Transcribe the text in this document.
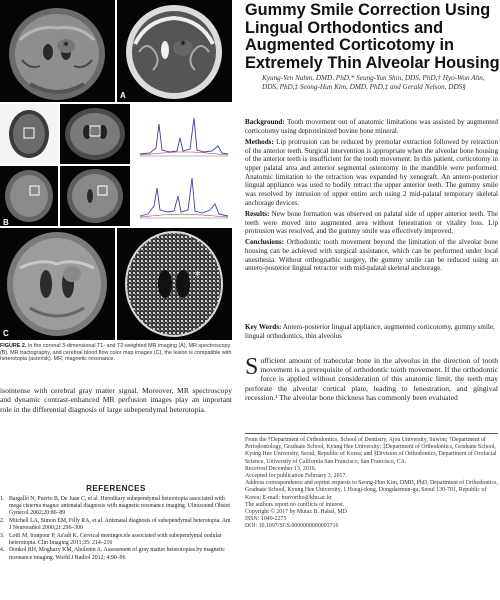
*	*
A
B
C
*
FIGURE 2. In the coronal 3-dimensional T1- and T2-weighted MR imaging (A), MR spectroscopy (B), MR tractography, and cerebral blood flow color map images (C), the lesion is compatible with heterotopia (asterisk). MR, magnetic resonance.

isointense with cerebral gray matter signal. Moreover, MR spectroscopy and dynamic contrast-enhanced MR perfusion images play an important role in the differential diagnosis of large subependymal heterotopia.

REFERENCES
1. Bargalló N, Puerto B, De Juan C, et al. Hereditary subependymal heterotopia associated with mega cisterna magna: antenatal diagnosis with magnetic resonance imaging. Ultrasound Obstet Gynecol 2002;20:86–89
2. Mitchell LA, Simon EM, Filly RA, et al. Antenatal diagnosis of subependymal heterotopia. Am J Neuroradiol 2000;21:296–300
3. Lotfi M, Iranpour P, As'adi K. Cervical meningocele associated with subependymal nodular heterotopia. Clin Imaging 2011;35: 214–216
4. Donkol RH, Moghazy KM, Abolenin A. Assessment of gray matter heterotopias by magnetic resonance imaging. World J Radiol 2012; 4:90–96
Gummy Smile Correction Using Lingual Orthodontics and Augmented Corticotomy in Extremely Thin Alveolar Housing
Kyung-Yen Nahm, DMD, PhD,* Seung-Yun Shin, DDS, PhD,† Hyo-Won Ahn, DDS, PhD,‡ Seong-Hun Kim, DMD, PhD,‡ and Gerald Nelson, DDS§

Background: Tooth movement out of anatomic limitations was assisted by augmented corticotomy using deproteinized bovine bone mineral.

Methods: Lip protrusion can be reduced by premolar extraction followed by retraction of the anterior teeth. Surgical intervention is appropriate when the alveolar bone housing of the anterior teeth is insufficient for the tooth movement. In this patient, corticotomy in upper palatal area and anterior segmental osteotomy in the mandible were performed. Anatomic limitation to the retraction was expanded by xenograft. An antero-posterior lingual appliance was used to bodily retract the upper anterior teeth. The gummy smile was resolved by intrusion of upper entire arch using 2 mid-palatal temporary skeletal anchorage devices.

Results: New bone formation was observed on palatal side of upper anterior teeth. The teeth were moved into augmented area without fenestration or vitality loss. Lip protrusion was resolved, and the gummy smile was effectively improved.

Conclusions: Orthodontic tooth movement beyond the limitation of the alveolar bone housing can be achieved with surgical assistance, which can be performed under local anesthesia. Without orthognathic surgery, the gummy smile can be reduced using an antero-posterior lingual retractor with mid-palatal skeletal anchorage.

Key Words: Antero-posterior lingual appliance, augmented corticotomy, gummy smile, lingual orthodontics, thin alveolus
Sufficient amount of trabecular bone in the alveolus in the direction of tooth movement is a prerequisite of orthodontic tooth movement. If the orthodontic force is applied without consideration of this anatomic limit, the teeth may perforate the alveolar cortical plate, leading to fenestration, and gingival recession.¹ The alveolar bone thickness has commonly been evaluated

From the *Department of Orthodontics, School of Dentistry, Ajou University, Suwon; †Department of Periodontology, Graduate School, Kyung Hee University; ‡Department of Orthodontics, Graduate School, Kyung Hee University, Seoul, Republic of Korea; and §Division of Orthodontics, Department of Orofacial Science, University of California San Francisco, San Francisco, CA.

Received December 13, 2016.

Accepted for publication February 3, 2017.

Address correspondence and reprint requests to Seong-Hun Kim, DMD, PhD, Department of Orthodontics, Graduate School, Kyung Hee University, 1 Hoegi-dong, Dongdaemun-gu, Seoul 130-701, Republic of Korea; E-mail: bravortho@khu.ac.kr

The authors report no conflicts of interest.

Copyright © 2017 by Mutaz B. Habal, MD

ISSN: 1049-2275

DOI: 10.1097/SCS.0000000000003716
